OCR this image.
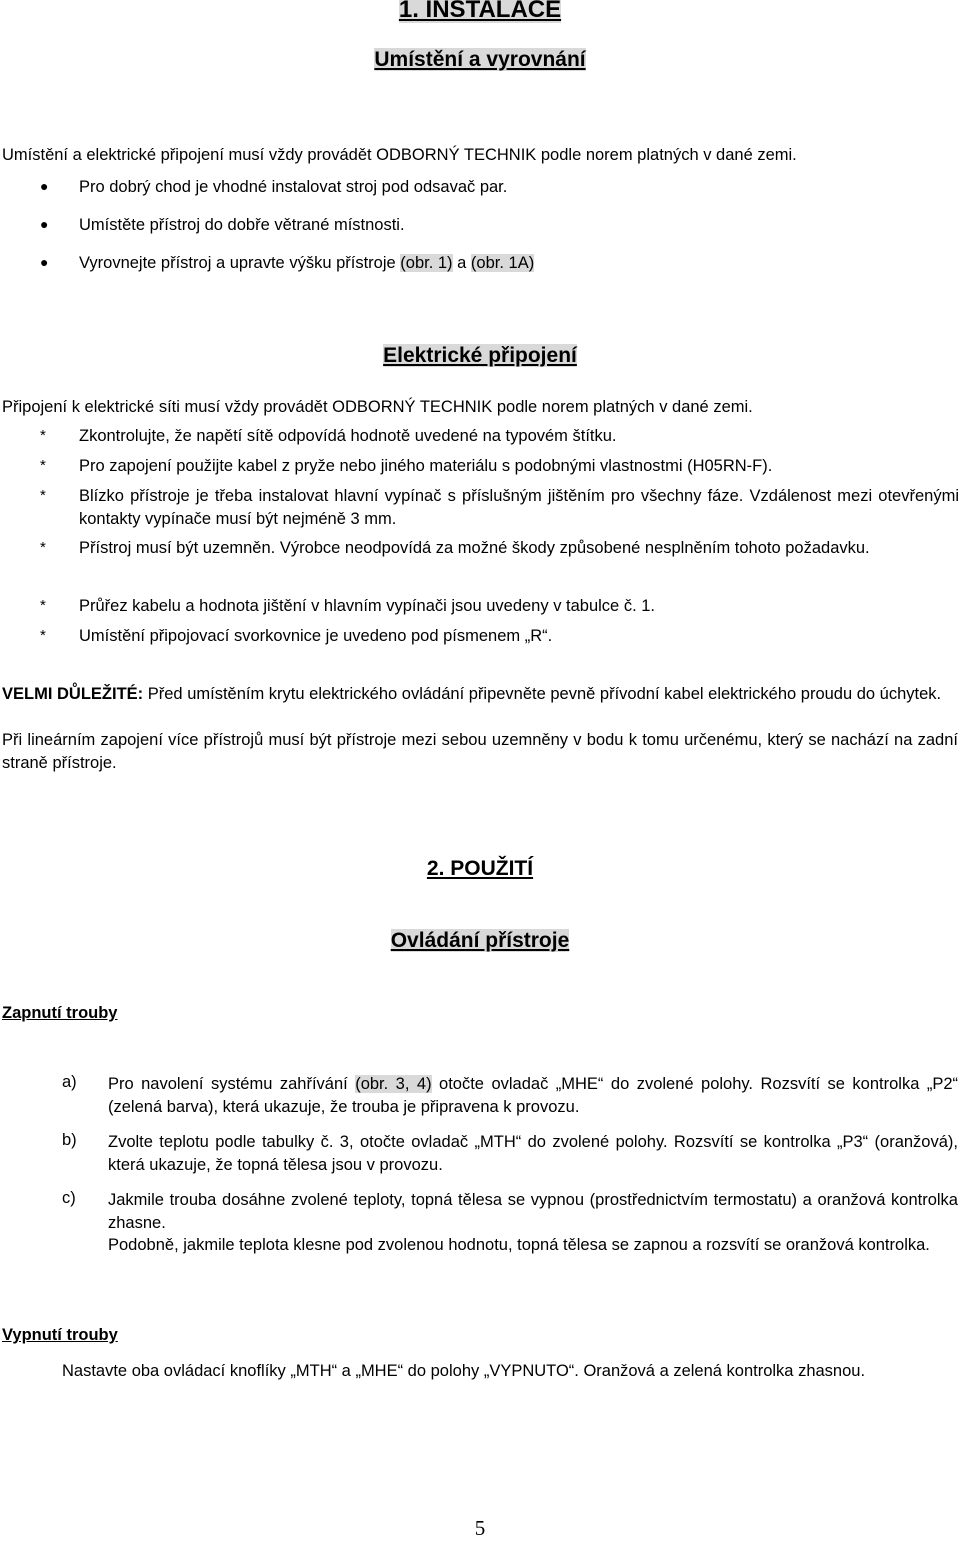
1. INSTALACE
Umístění a vyrovnání
Umístění a elektrické připojení musí vždy provádět ODBORNÝ TECHNIK podle norem platných v dané zemi.
● Pro dobrý chod je vhodné instalovat stroj pod odsavač par.
● Umístěte přístroj do dobře větrané místnosti.
● Vyrovnejte přístroj a upravte výšku přístroje (obr. 1) a (obr. 1A)
Elektrické připojení
Připojení k elektrické síti musí vždy provádět ODBORNÝ TECHNIK podle norem platných v dané zemi.
* Zkontrolujte, že napětí sítě odpovídá hodnotě uvedené na typovém štítku.
* Pro zapojení použijte kabel z pryže nebo jiného materiálu s podobnými vlastnostmi (H05RN-F).
* Blízko přístroje je třeba instalovat hlavní vypínač s příslušným jištěním pro všechny fáze. Vzdálenost mezi otevřenými kontakty vypínače musí být nejméně 3 mm.
* Přístroj musí být uzemněn. Výrobce neodpovídá za možné škody způsobené nesplněním tohoto požadavku.
* Průřez kabelu a hodnota jištění v hlavním vypínači jsou uvedeny v tabulce č. 1.
* Umístění připojovací svorkovnice je uvedeno pod písmenem „R“.
VELMI DŮLEŽITÉ: Před umístěním krytu elektrického ovládání připevněte pevně přívodní kabel elektrického proudu do úchytek.
Při lineárním zapojení více přístrojů musí být přístroje mezi sebou uzemněny v bodu k tomu určenému, který se nachází na zadní straně přístroje.
2. POUŽITÍ
Ovládání přístroje
Zapnutí trouby
a) Pro navolení systému zahřívání (obr. 3, 4) otočte ovladač „MHE“ do zvolené polohy. Rozsvítí se kontrolka „P2“ (zelená barva), která ukazuje, že trouba je připravena k provozu.
b) Zvolte teplotu podle tabulky č. 3, otočte ovladač „MTH“ do zvolené polohy. Rozsvítí se kontrolka „P3“ (oranžová), která ukazuje, že topná tělesa jsou v provozu.
c) Jakmile trouba dosáhne zvolené teploty, topná tělesa se vypnou (prostřednictvím termostatu) a oranžová kontrolka zhasne.
Podobně, jakmile teplota klesne pod zvolenou hodnotu, topná tělesa se zapnou a rozsvítí se oranžová kontrolka.
Vypnutí trouby
Nastavte oba ovládací knoflíky „MTH“ a „MHE“ do polohy „VYPNUTO“. Oranžová a zelená kontrolka zhasnou.
5
